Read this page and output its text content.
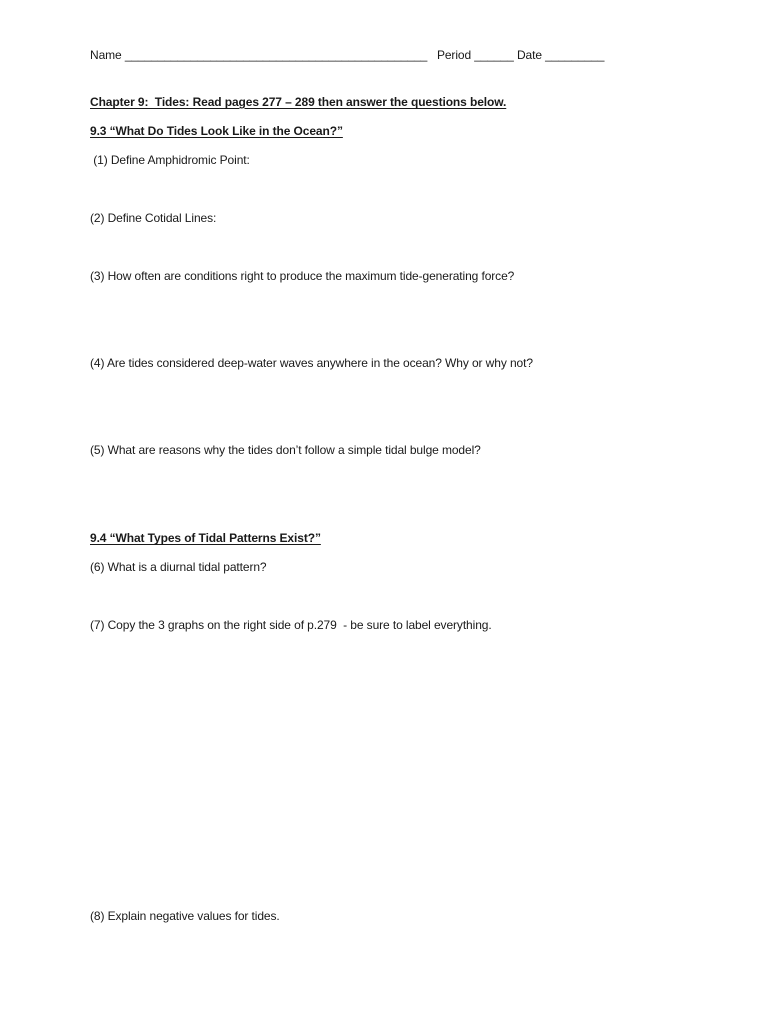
Name ______________________________________________   Period ______ Date _________
Chapter 9:  Tides: Read pages 277 – 289 then answer the questions below.
9.3 “What Do Tides Look Like in the Ocean?”
(1) Define Amphidromic Point:
(2) Define Cotidal Lines:
(3) How often are conditions right to produce the maximum tide-generating force?
(4) Are tides considered deep-water waves anywhere in the ocean? Why or why not?
(5) What are reasons why the tides don’t follow a simple tidal bulge model?
9.4 “What Types of Tidal Patterns Exist?”
(6) What is a diurnal tidal pattern?
(7) Copy the 3 graphs on the right side of p.279  - be sure to label everything.
(8) Explain negative values for tides.
